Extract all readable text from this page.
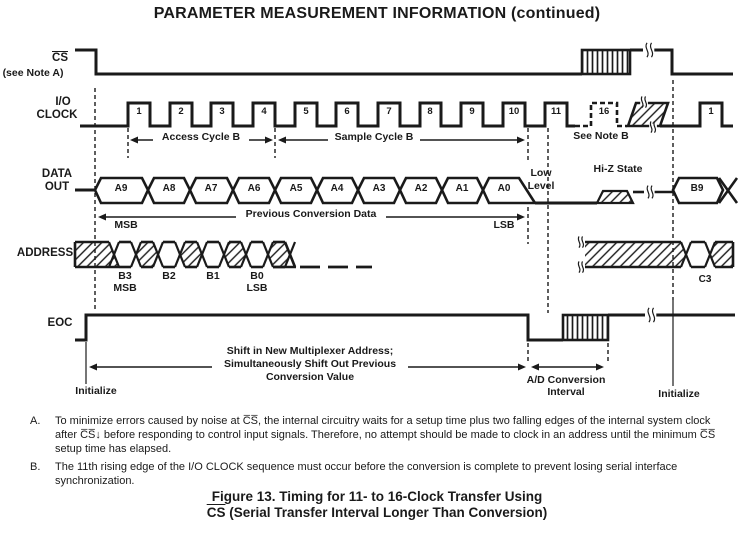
PARAMETER MEASUREMENT INFORMATION (continued)
A.	To minimize errors caused by noise at C̅S̅, the internal circuitry waits for a setup time plus two falling edges of the internal system clock after C̅S̅↓ before responding to control input signals. Therefore, no attempt should be made to clock in an address until the minimum C̅S̅ setup time has elapsed.
B.	The 11th rising edge of the I/O CLOCK sequence must occur before the conversion is complete to prevent losing serial interface synchronization.
Figure 13. Timing for 11- to 16-Clock Transfer Using
$\overline{CS}$ (Serial Transfer Interval Longer Than Conversion)
$\overline{CS}$
(see Note A)
I/O
CLOCK
Access Cycle B	Sample Cycle B	See Note B
DATA
OUT
Low
Level
Hi-Z State
Previous Conversion Data
MSB	LSB
B9
ADDRESS
MSB	LSB
C3
EOC
Shift in New Multiplexer Address;
Simultaneously Shift Out Previous
Conversion Value	A/D Conversion
Interval
Initialize	Initialize
1	2	3	4	5	6	7	8	9	10	11	16	1
A9	A8	A7	A6	A5	A4	A3	A2	A1	A0
B3	B2	B1	B0
